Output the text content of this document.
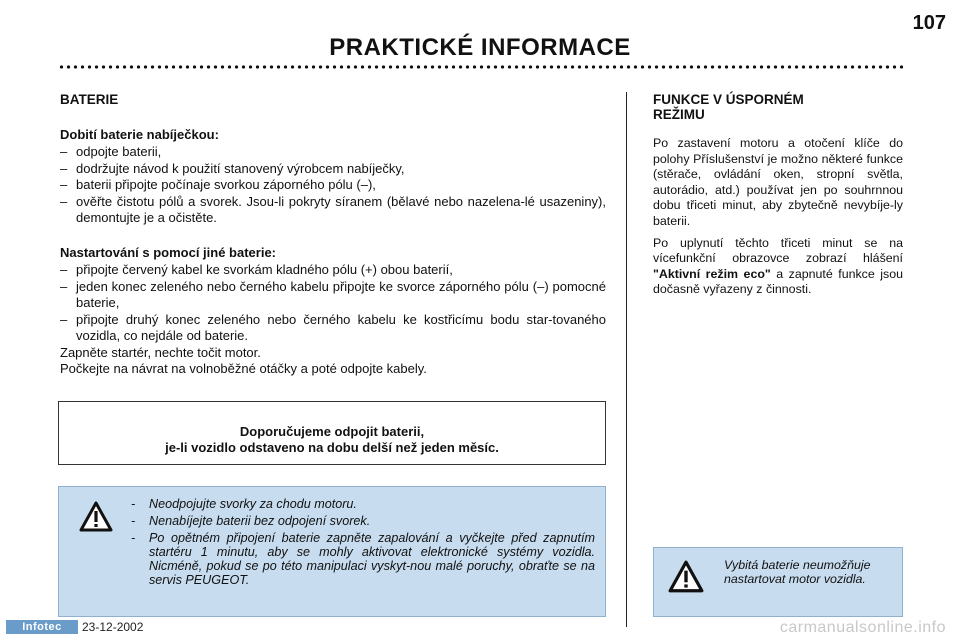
107
PRAKTICKÉ INFORMACE
BATERIE
Dobití baterie nabíječkou:
– odpojte baterii,
– dodržujte návod k použití stanovený výrobcem nabíječky,
– baterii připojte počínaje svorkou záporného pólu (–),
– ověřte čistotu pólů a svorek. Jsou-li pokryty síranem (bělavé nebo nazelena-lé usazeniny), demontujte je a očistěte.
Nastartování s pomocí jiné baterie:
– připojte červený kabel ke svorkám kladného pólu (+) obou baterií,
– jeden konec zeleného nebo černého kabelu připojte ke svorce záporného pólu (–) pomocné baterie,
– připojte druhý konec zeleného nebo černého kabelu ke kostřicímu bodu star-tovaného vozidla, co nejdále od baterie.

Zapněte startér, nechte točit motor.

Počkejte na návrat na volnoběžné otáčky a poté odpojte kabely.

Doporučujeme odpojit baterii,
je-li vozidlo odstaveno na dobu delší než jeden měsíc.
- Neodpojujte svorky za chodu motoru.
- Nenabíjejte baterii bez odpojení svorek.
- Po opětném připojení baterie zapněte zapalování a vyčkejte před zapnutím startéru 1 minutu, aby se mohly aktivovat elektronické systémy vozidla. Nicméně, pokud se po této manipulaci vyskyt-nou malé poruchy, obraťte se na servis PEUGEOT.
FUNKCE V ÚSPORNÉM
REŽIMU

Po zastavení motoru a otočení klíče do polohy Příslušenství je možno některé funkce (stěrače, ovládání oken, stropní světla, autorádio, atd.) používat jen po souhrnnou dobu třiceti minut, aby zbytečně nevybíje-ly baterii.

Po uplynutí těchto třiceti minut se na vícefunkční obrazovce zobrazí hlášení "Aktivní režim eco" a zapnuté funkce jsou dočasně vyřazeny z činnosti.

Vybitá baterie neumožňuje nastartovat motor vozidla.
Infotec	23-12-2002	carmanualsonline.info
